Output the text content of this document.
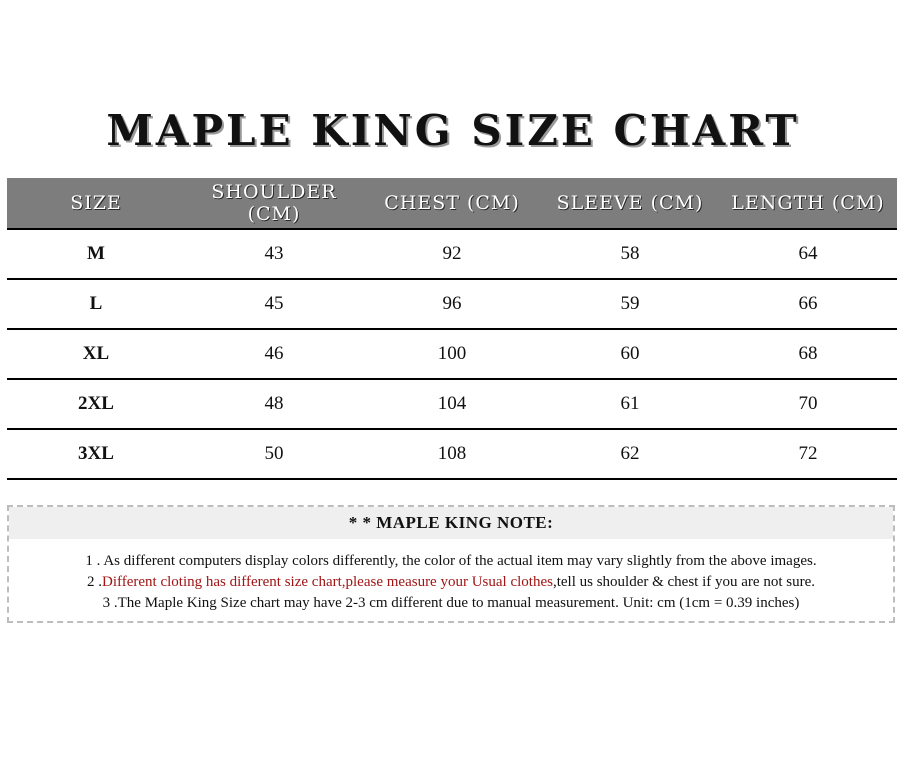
MAPLE KING SIZE CHART
SIZE	SHOULDER (CM)	CHEST (CM)	SLEEVE (CM)	LENGTH (CM)
M	43	92	58	64
L	45	96	59	66
XL	46	100	60	68
2XL	48	104	61	70
3XL	50	108	62	72
* * MAPLE KING NOTE:
1 . As different computers display colors differently, the color of the actual item may vary slightly from the above images.
2 .Different cloting has different size chart,please measure your Usual clothes,tell us shoulder & chest if you are not sure.
3 .The Maple King Size chart may have 2-3 cm different due to manual measurement. Unit: cm (1cm = 0.39 inches)
